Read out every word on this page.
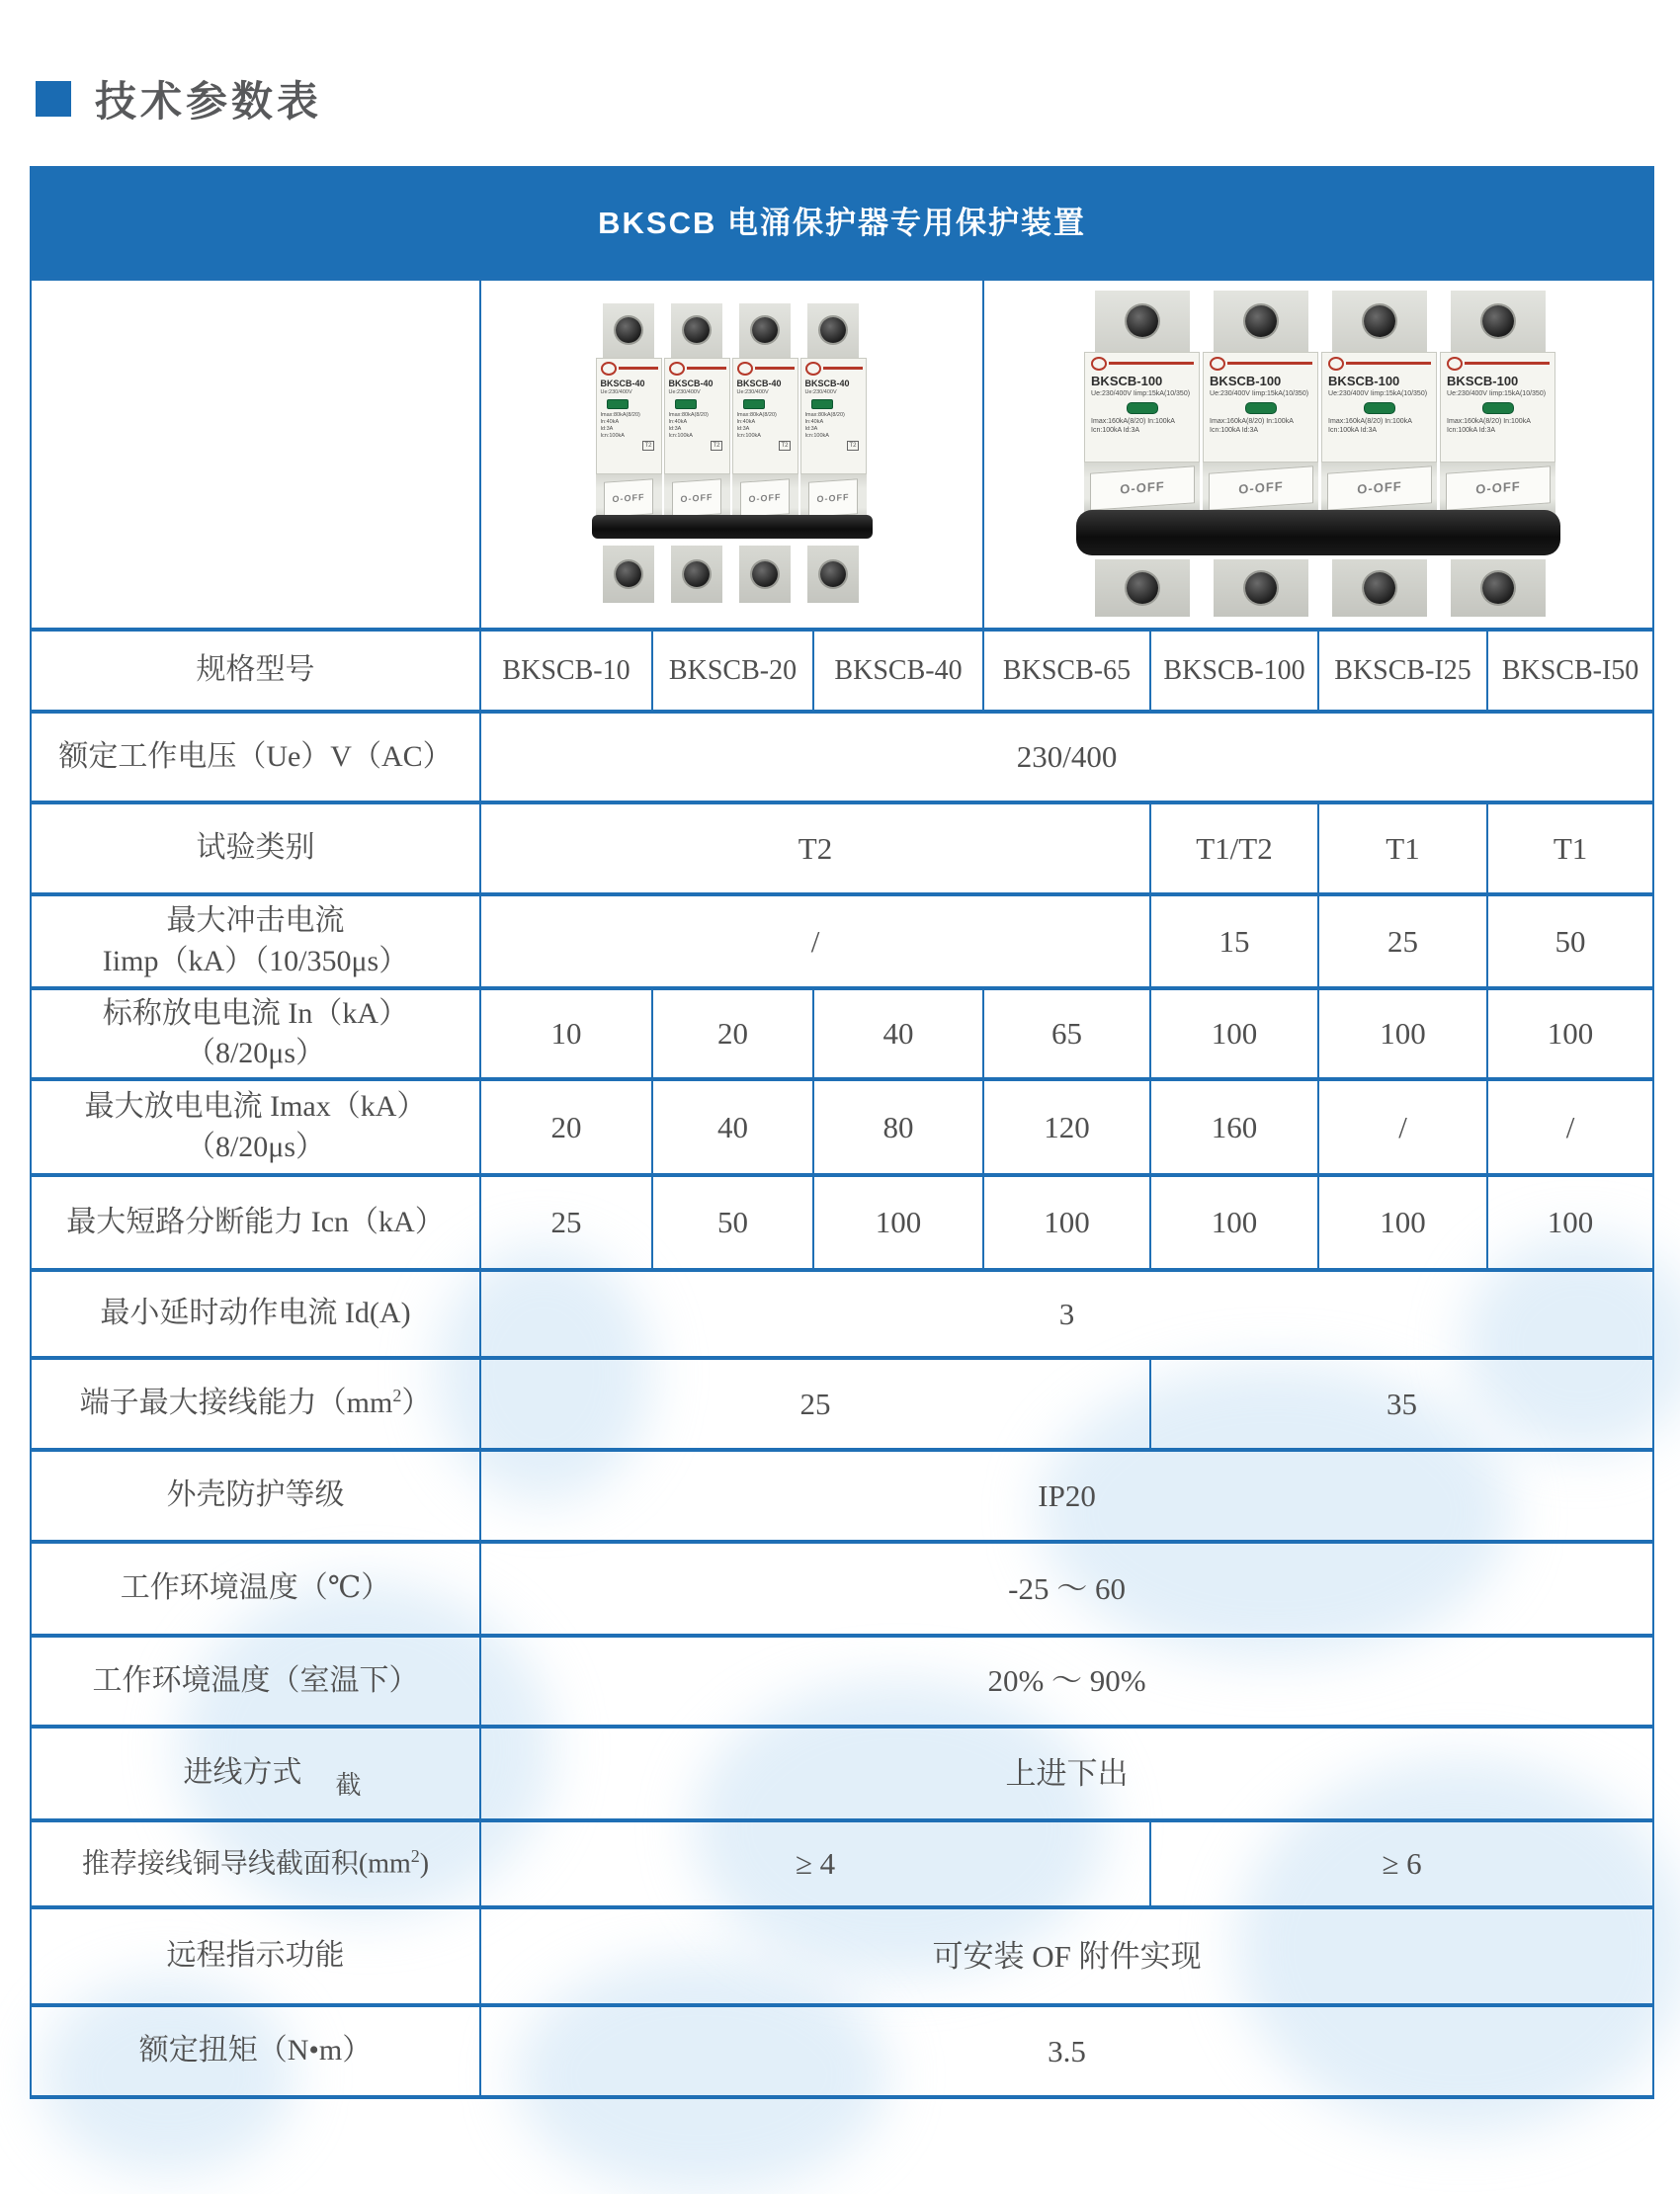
技术参数表
BKSCB 电涌保护器专用保护装置							

BKSCB-40
Ue:230/400V
Imax:80kA(8/20)
In:40kA
Id:3A
Icn:100kA
T2
O-OFF
BKSCB-40
Ue:230/400V
Imax:80kA(8/20)
In:40kA
Id:3A
Icn:100kA
T2
O-OFF
BKSCB-40
Ue:230/400V
Imax:80kA(8/20)
In:40kA
Id:3A
Icn:100kA
T2
O-OFF
BKSCB-40
Ue:230/400V
Imax:80kA(8/20)
In:40kA
Id:3A
Icn:100kA
T2
O-OFF

BKSCB-100
Ue:230/400V Iimp:15kA(10/350)
Imax:160kA(8/20) In:100kA
Icn:100kA Id:3A
O-OFF
BKSCB-100
Ue:230/400V Iimp:15kA(10/350)
Imax:160kA(8/20) In:100kA
Icn:100kA Id:3A
O-OFF
BKSCB-100
Ue:230/400V Iimp:15kA(10/350)
Imax:160kA(8/20) In:100kA
Icn:100kA Id:3A
O-OFF
BKSCB-100
Ue:230/400V Iimp:15kA(10/350)
Imax:160kA(8/20) In:100kA
Icn:100kA Id:3A
O-OFF

规格型号	BKSCB-10	BKSCB-20	BKSCB-40	BKSCB-65	BKSCB-100	BKSCB-I25	BKSCB-I50
额定工作电压（Ue）V（AC）	230/400						
试验类别	T2				T1/T2	T1	T1

最大冲击电流
Iimp（kA）（10/350μs）	/				15	25	50

标称放电电流 In（kA）
（8/20μs）	10	20	40	65	100	100	100

最大放电电流 Imax（kA）
（8/20μs）	20	40	80	120	160	/	/
最大短路分断能力 Icn（kA）	25	50	100	100	100	100	100
最小延时动作电流 Id(A)	3						
端子最大接线能力$(mm^2)$	25				35		
外壳防护等级	IP20						
工作环境温度（℃）	-25 ～ 60						
工作环境温度（室温下）	20% ～ 90%						
进线方式 截	上进下出						
推荐接线铜导线截面积$(mm^2)$	≥ 4				≥ 6		
远程指示功能	可安装 OF 附件实现						
额定扭矩（N•m）	3.5						
